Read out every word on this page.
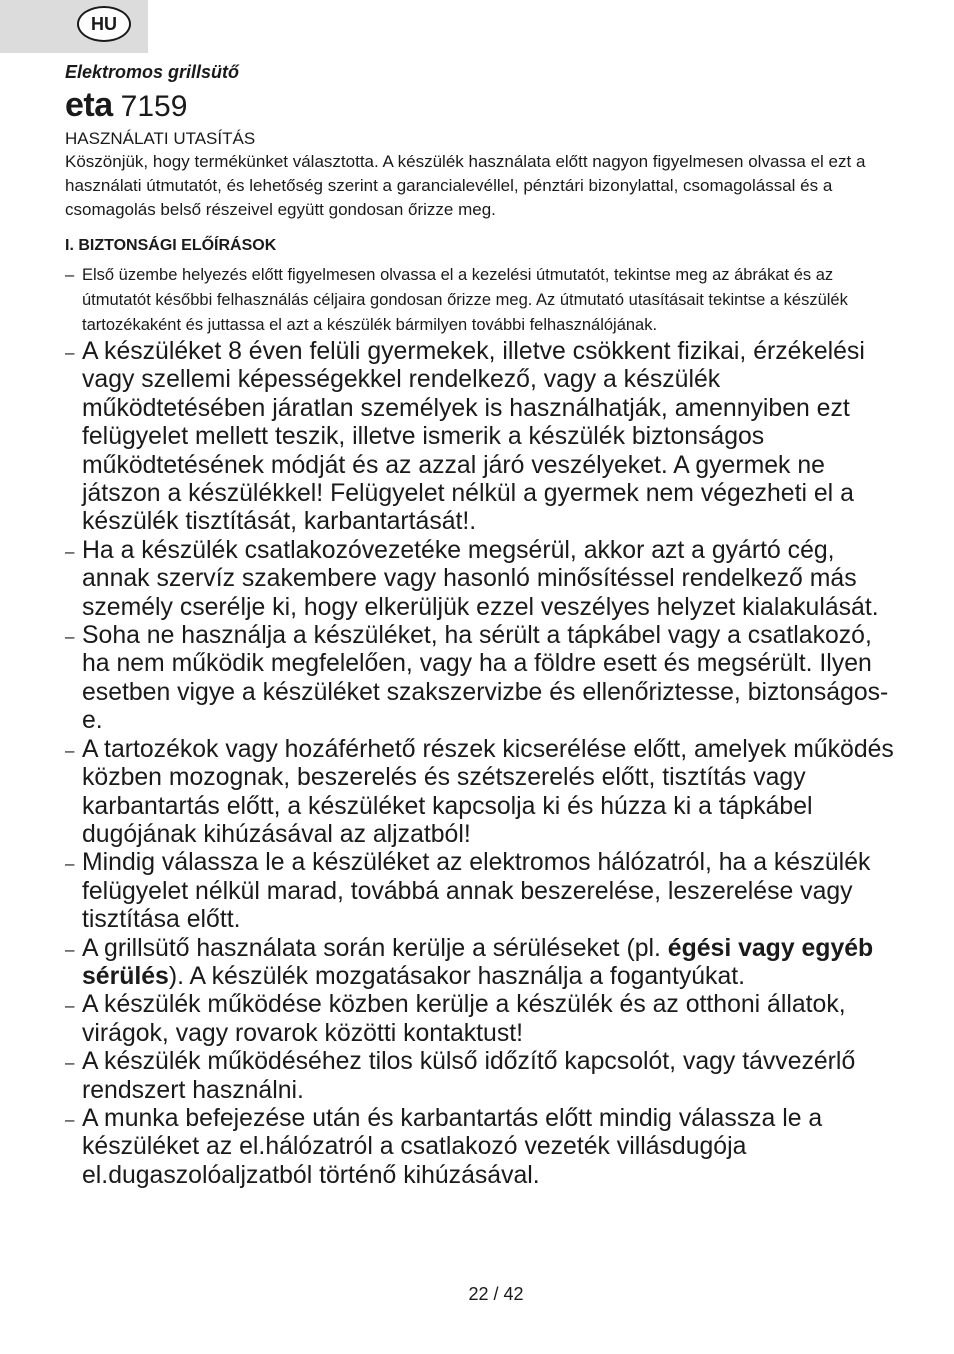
HU
Elektromos grillsütő
eta 7159
HASZNÁLATI UTASÍTÁS
Köszönjük, hogy termékünket választotta. A készülék használata előtt nagyon figyelmesen olvassa el ezt a használati útmutatót, és lehetőség szerint a garancialevéllel, pénztári bizonylattal, csomagolással és a csomagolás belső részeivel együtt gondosan őrizze meg.
I. BIZTONSÁGI ELŐÍRÁSOK
– Első üzembe helyezés előtt figyelmesen olvassa el a kezelési útmutatót, tekintse meg az ábrákat és az útmutatót későbbi felhasználás céljaira gondosan őrizze meg. Az útmutató utasításait tekintse a készülék tartozékaként és juttassa el azt a készülék bármilyen további felhasználójának.
– A készüléket 8 éven felüli gyermekek, illetve csökkent fizikai, érzékelési vagy szellemi képességekkel rendelkező, vagy a készülék működtetésében járatlan személyek is használhatják, amennyiben ezt felügyelet mellett teszik, illetve ismerik a készülék biztonságos működtetésének módját és az azzal járó veszélyeket. A gyermek ne játszon a készülékkel! Felügyelet nélkül a gyermek nem végezheti el a készülék tisztítását, karbantartását!.
– Ha a készülék csatlakozóvezetéke megsérül, akkor azt a gyártó cég, annak szervíz szakembere vagy hasonló minősítéssel rendelkező más személy cserélje ki, hogy elkerüljük ezzel veszélyes helyzet kialakulását.
– Soha ne használja a készüléket, ha sérült a tápkábel vagy a csatlakozó, ha nem működik megfelelően, vagy ha a földre esett és megsérült. Ilyen esetben vigye a készüléket szakszervizbe és ellenőriztesse, biztonságos-e.
– A tartozékok vagy hozáférhető részek kicserélése előtt, amelyek működés közben mozognak, beszerelés és szétszerelés előtt, tisztítás vagy karbantartás előtt, a készüléket kapcsolja ki és húzza ki a tápkábel dugójának kihúzásával az aljzatból!
– Mindig válassza le a készüléket az elektromos hálózatról, ha a készülék felügyelet nélkül marad, továbbá annak beszerelése, leszerelése vagy tisztítása előtt.
– A grillsütő használata során kerülje a sérüléseket (pl. égési vagy egyéb sérülés). A készülék mozgatásakor használja a fogantyúkat.
– A készülék működése közben kerülje a készülék és az otthoni állatok, virágok, vagy rovarok közötti kontaktust!
– A készülék működéséhez tilos külső időzítő kapcsolót, vagy távvezérlő rendszert használni.
– A munka befejezése után és karbantartás előtt mindig válassza le a készüléket az el.hálózatról a csatlakozó vezeték villásdugója el.dugaszolóaljzatból történő kihúzásával.
22 / 42
